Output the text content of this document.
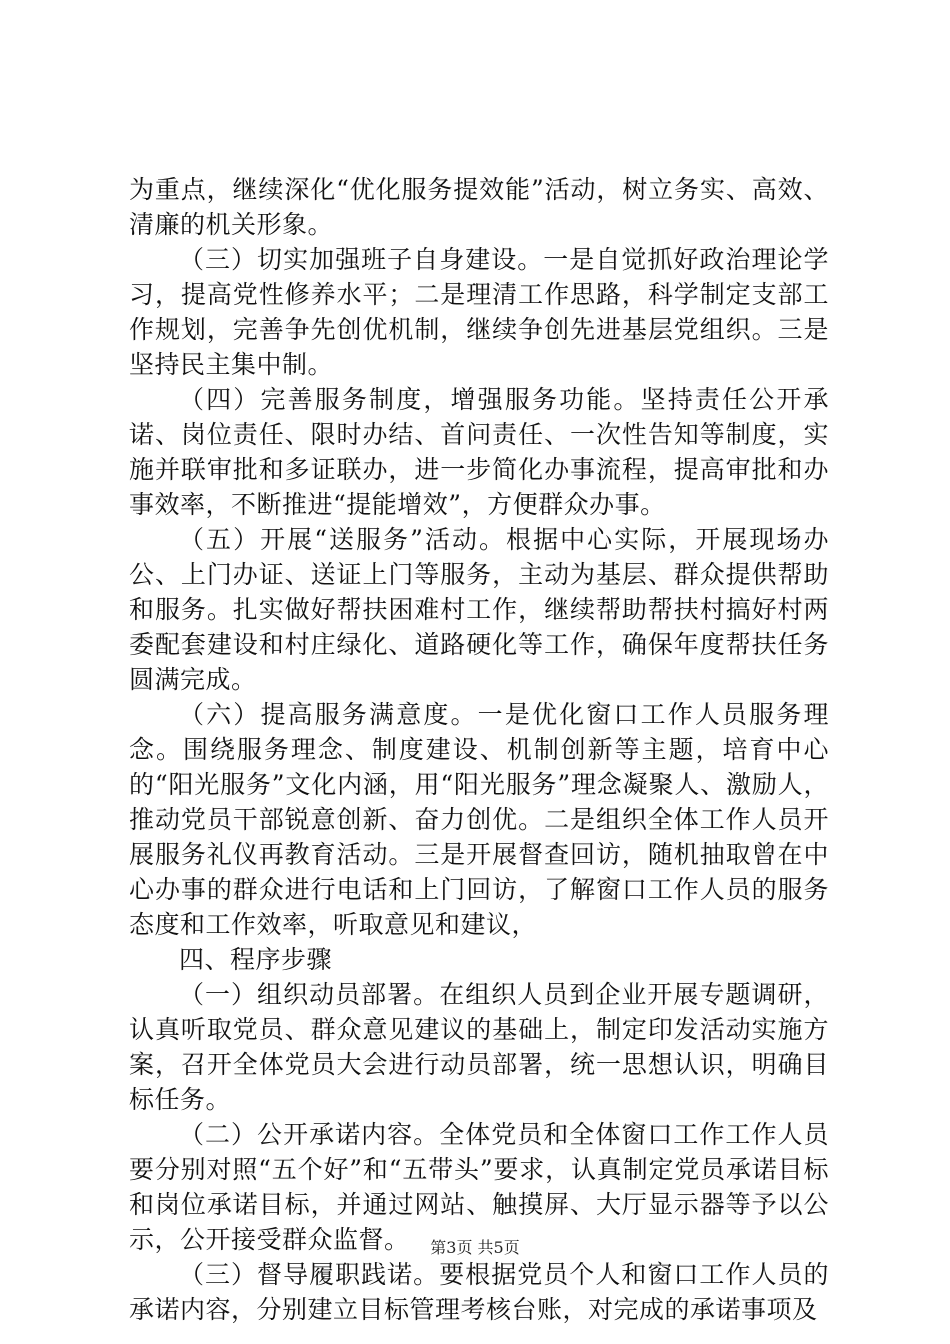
为重点，继续深化“优化服务提效能”活动，树立务实、高效、清廉的机关形象。

（三）切实加强班子自身建设。一是自觉抓好政治理论学习，提高党性修养水平；二是理清工作思路，科学制定支部工作规划，完善争先创优机制，继续争创先进基层党组织。三是坚持民主集中制。

（四）完善服务制度，增强服务功能。坚持责任公开承诺、岗位责任、限时办结、首问责任、一次性告知等制度，实施并联审批和多证联办，进一步简化办事流程，提高审批和办事效率，不断推进“提能增效”，方便群众办事。

（五）开展“送服务”活动。根据中心实际，开展现场办公、上门办证、送证上门等服务，主动为基层、群众提供帮助和服务。扎实做好帮扶困难村工作，继续帮助帮扶村搞好村两委配套建设和村庄绿化、道路硬化等工作，确保年度帮扶任务圆满完成。

（六）提高服务满意度。一是优化窗口工作人员服务理念。围绕服务理念、制度建设、机制创新等主题，培育中心的“阳光服务”文化内涵，用“阳光服务”理念凝聚人、激励人，推动党员干部锐意创新、奋力创优。二是组织全体工作人员开展服务礼仪再教育活动。三是开展督查回访，随机抽取曾在中心办事的群众进行电话和上门回访，了解窗口工作人员的服务态度和工作效率，听取意见和建议，

四、程序步骤

（一）组织动员部署。在组织人员到企业开展专题调研，认真听取党员、群众意见建议的基础上，制定印发活动实施方案，召开全体党员大会进行动员部署，统一思想认识，明确目标任务。

（二）公开承诺内容。全体党员和全体窗口工作工作人员要分别对照“五个好”和“五带头”要求，认真制定党员承诺目标和岗位承诺目标，并通过网站、触摸屏、大厅显示器等予以公示，公开接受群众监督。

（三）督导履职践诺。要根据党员个人和窗口工作人员的承诺内容，分别建立目标管理考核台账，对完成的承诺事项及

第3页 共5页
